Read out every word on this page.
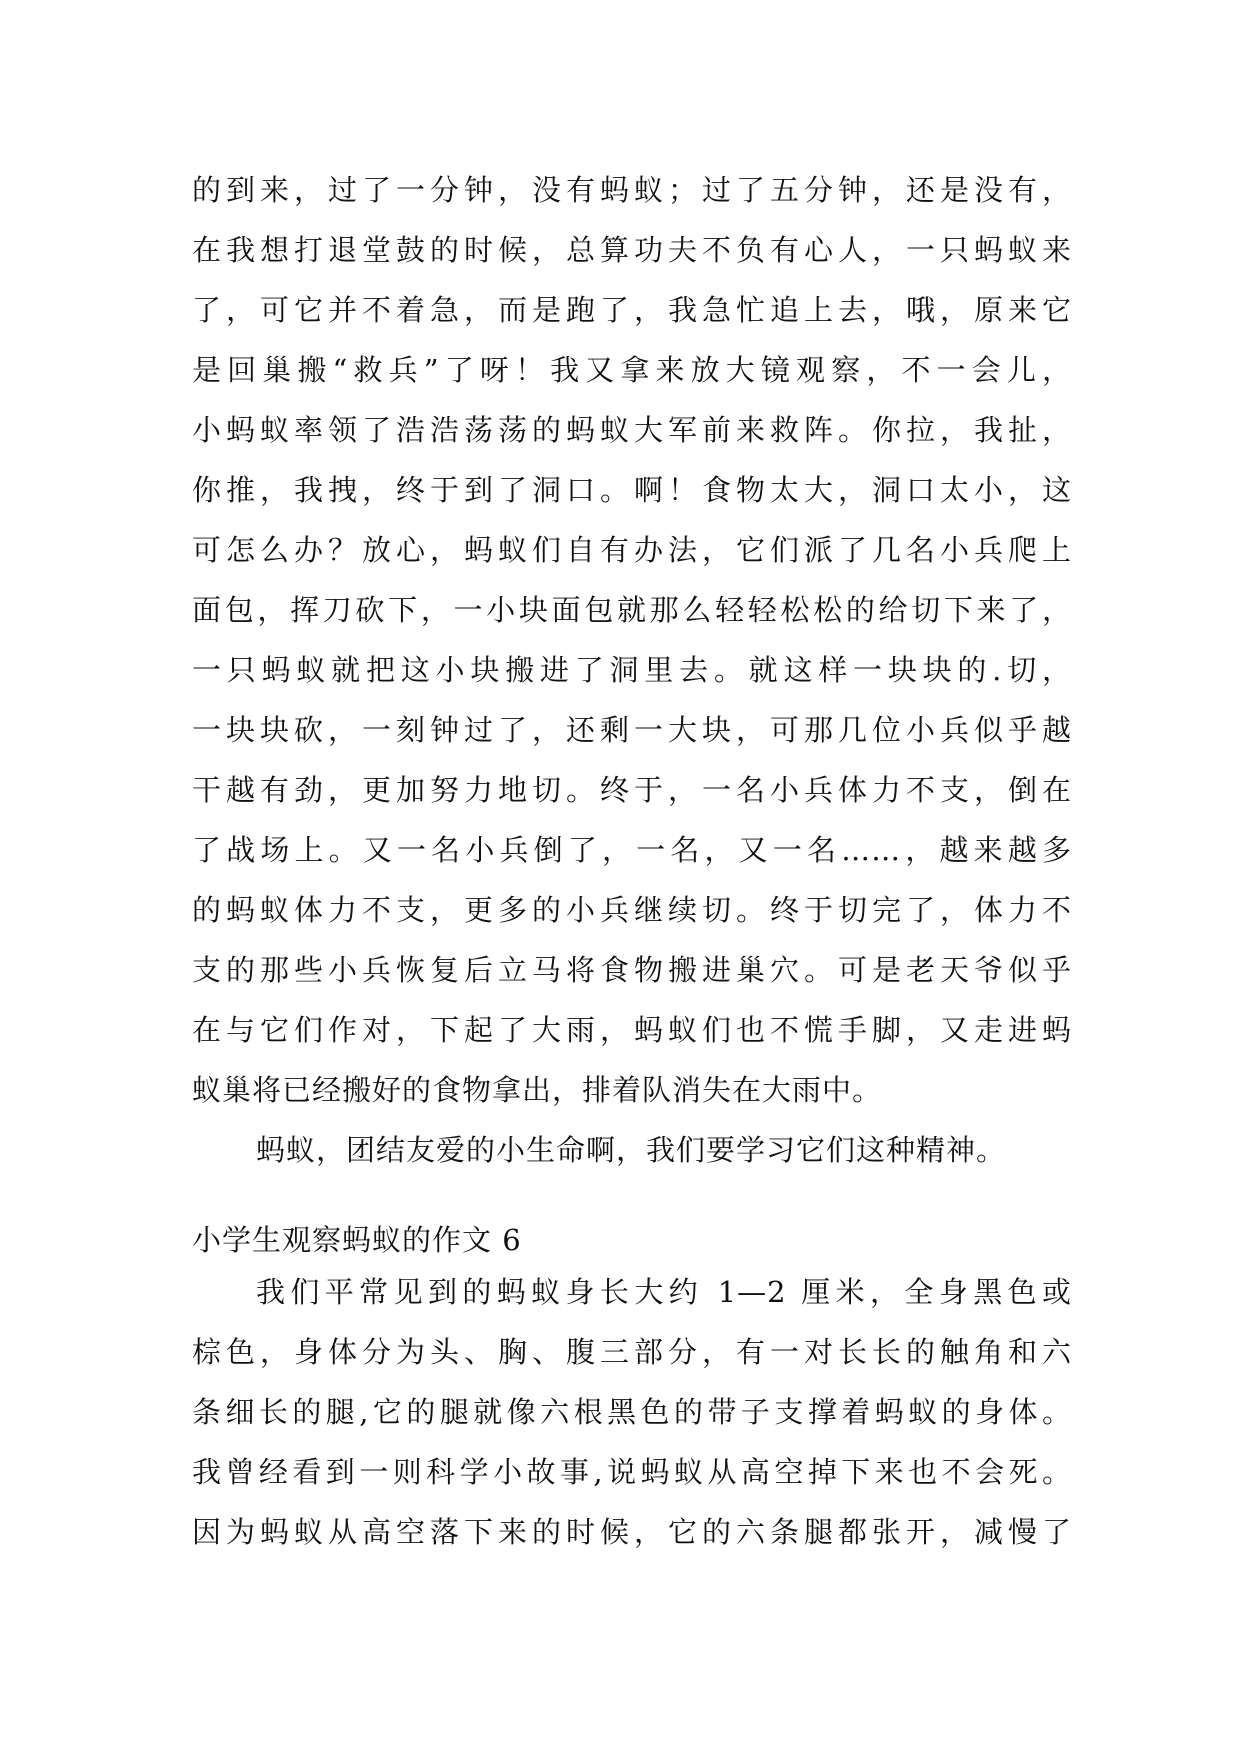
的到来，过了一分钟，没有蚂蚁；过了五分钟，还是没有，
在我想打退堂鼓的时候，总算功夫不负有心人，一只蚂蚁来
了，可它并不着急，而是跑了，我急忙追上去，哦，原来它
是回巢搬“救兵”了呀！我又拿来放大镜观察，不一会儿，
小蚂蚁率领了浩浩荡荡的蚂蚁大军前来救阵。你拉，我扯，
你推，我拽，终于到了洞口。啊！食物太大，洞口太小，这
可怎么办？放心，蚂蚁们自有办法，它们派了几名小兵爬上
面包，挥刀砍下，一小块面包就那么轻轻松松的给切下来了，
一只蚂蚁就把这小块搬进了洞里去。就这样一块块的.切，
一块块砍，一刻钟过了，还剩一大块，可那几位小兵似乎越
干越有劲，更加努力地切。终于，一名小兵体力不支，倒在
了战场上。又一名小兵倒了，一名，又一名……，越来越多
的蚂蚁体力不支，更多的小兵继续切。终于切完了，体力不
支的那些小兵恢复后立马将食物搬进巢穴。可是老天爷似乎
在与它们作对，下起了大雨，蚂蚁们也不慌手脚，又走进蚂
蚁巢将已经搬好的食物拿出，排着队消失在大雨中。
蚂蚁，团结友爱的小生命啊，我们要学习它们这种精神。
小学生观察蚂蚁的作文 6
我们平常见到的蚂蚁身长大约 1—2 厘米，全身黑色或
棕色，身体分为头、胸、腹三部分，有一对长长的触角和六
条细长的腿,它的腿就像六根黑色的带子支撑着蚂蚁的身体。
我曾经看到一则科学小故事,说蚂蚁从高空掉下来也不会死。
因为蚂蚁从高空落下来的时候，它的六条腿都张开，减慢了
